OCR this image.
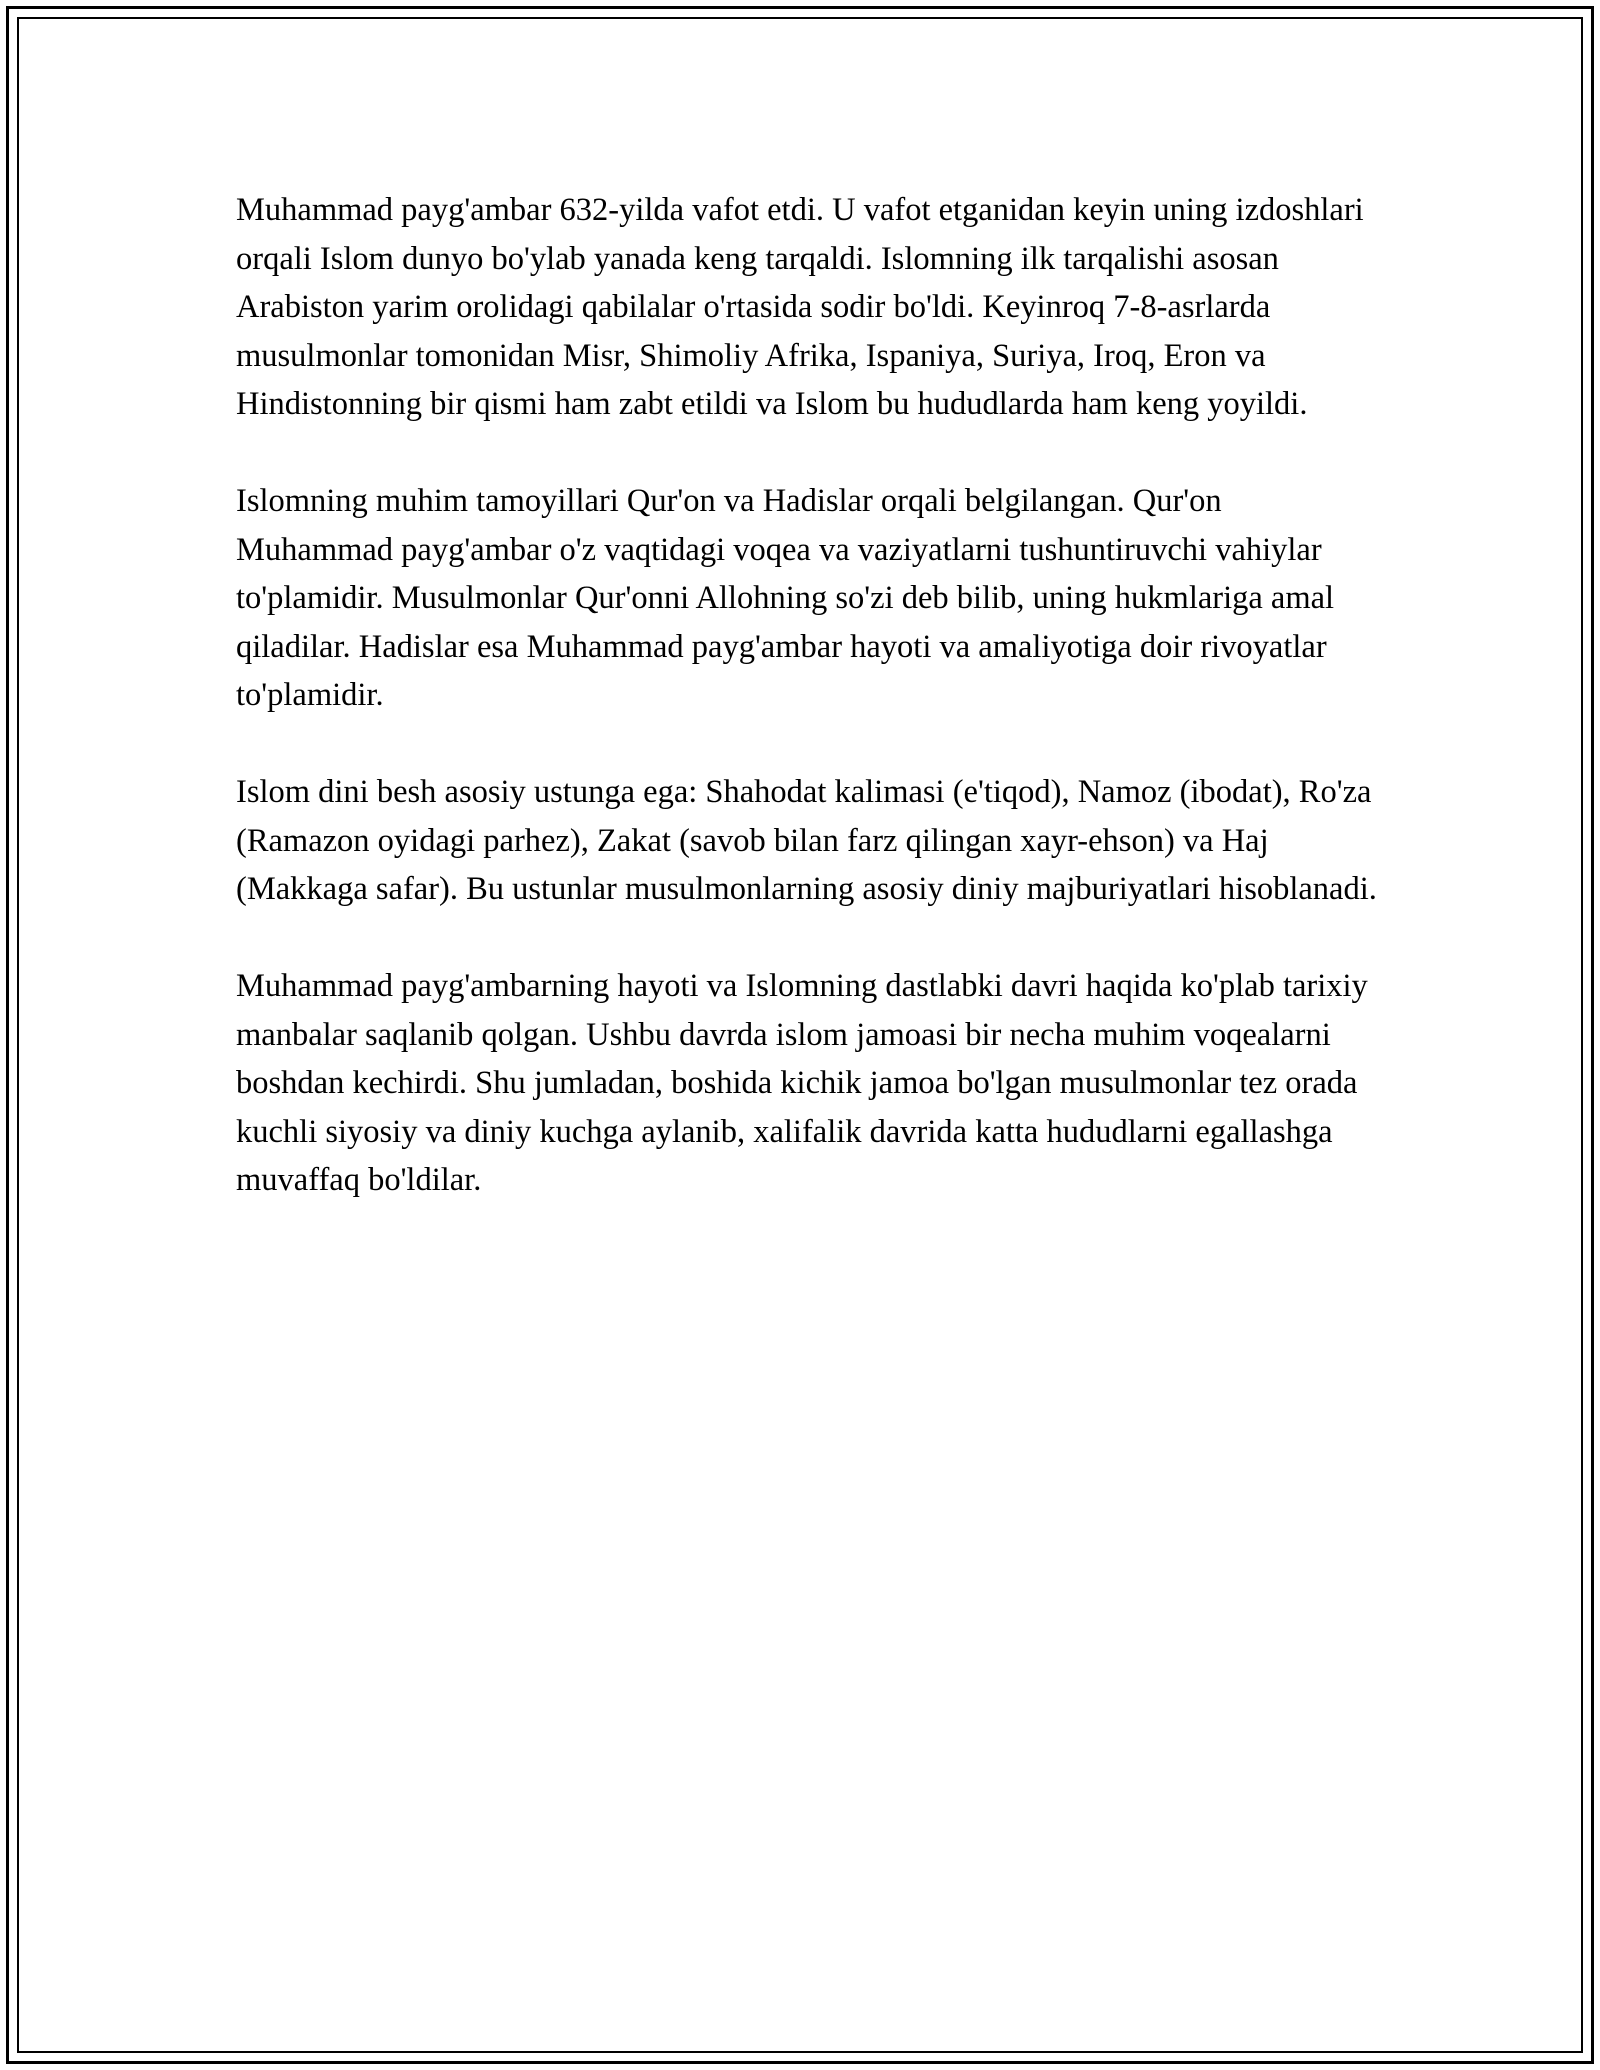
Muhammad payg'ambar 632-yilda vafot etdi. U vafot etganidan keyin uning izdoshlari orqali Islom dunyo bo'ylab yanada keng tarqaldi. Islomning ilk tarqalishi asosan Arabiston yarim orolidagi qabilalar o'rtasida sodir bo'ldi. Keyinroq 7-8-asrlarda musulmonlar tomonidan Misr, Shimoliy Afrika, Ispaniya, Suriya, Iroq, Eron va Hindistonning bir qismi ham zabt etildi va Islom bu hududlarda ham keng yoyildi.

Islomning muhim tamoyillari Qur'on va Hadislar orqali belgilangan. Qur'on Muhammad payg'ambar o'z vaqtidagi voqea va vaziyatlarni tushuntiruvchi vahiylar to'plamidir. Musulmonlar Qur'onni Allohning so'zi deb bilib, uning hukmlariga amal qiladilar. Hadislar esa Muhammad payg'ambar hayoti va amaliyotiga doir rivoyatlar to'plamidir.

Islom dini besh asosiy ustunga ega: Shahodat kalimasi (e'tiqod), Namoz (ibodat), Ro'za (Ramazon oyidagi parhez), Zakat (savob bilan farz qilingan xayr-ehson) va Haj (Makkaga safar). Bu ustunlar musulmonlarning asosiy diniy majburiyatlari hisoblanadi.

Muhammad payg'ambarning hayoti va Islomning dastlabki davri haqida ko'plab tarixiy manbalar saqlanib qolgan. Ushbu davrda islom jamoasi bir necha muhim voqealarni boshdan kechirdi. Shu jumladan, boshida kichik jamoa bo'lgan musulmonlar tez orada kuchli siyosiy va diniy kuchga aylanib, xalifalik davrida katta hududlarni egallashga muvaffaq bo'ldilar.
